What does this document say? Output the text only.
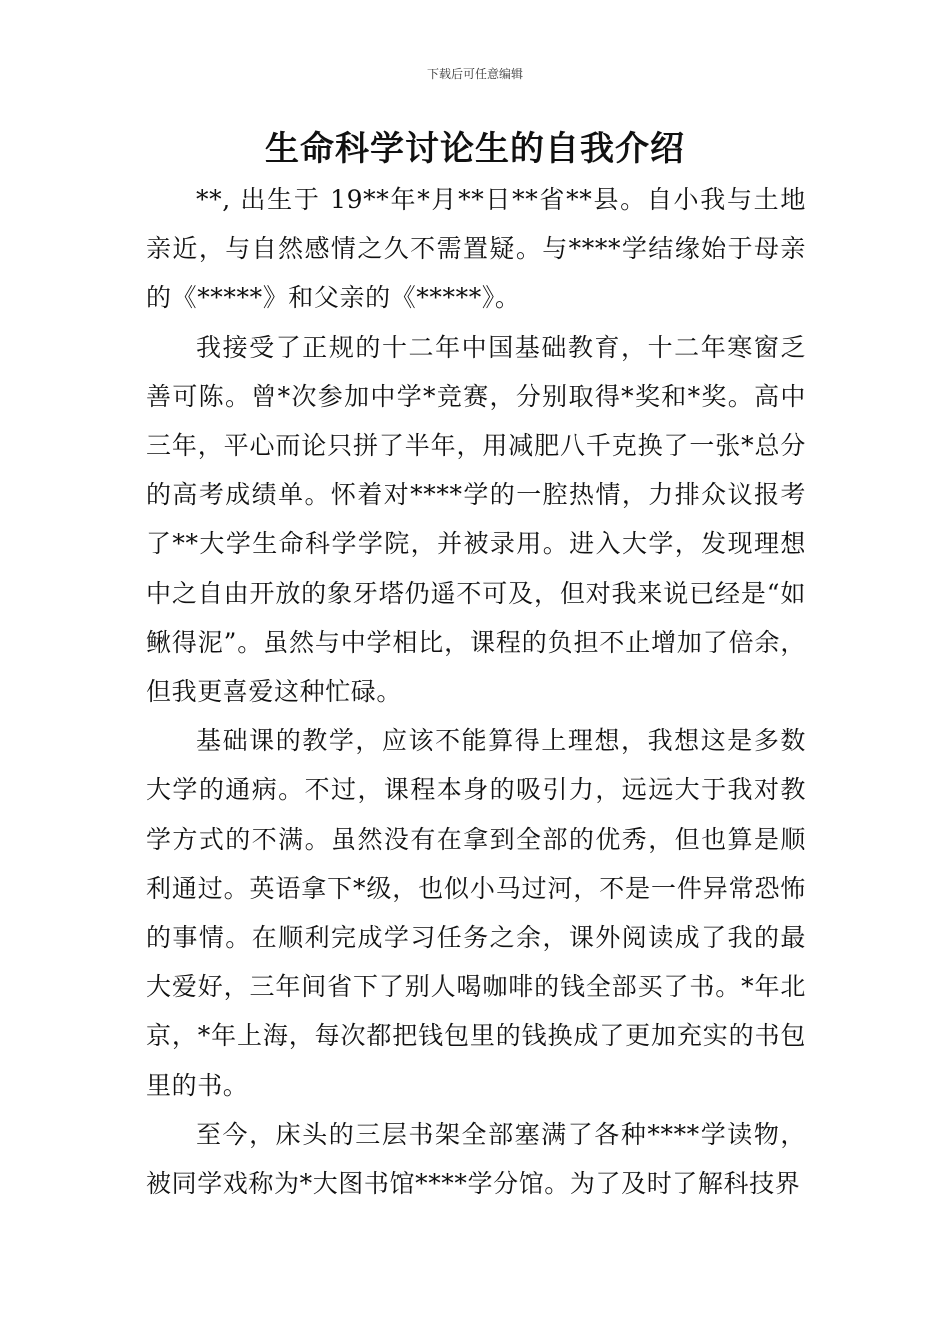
下载后可任意编辑
生命科学讨论生的自我介绍

**, 出生于 19**年*月**日**省**县。自小我与土地亲近，与自然感情之久不需置疑。与****学结缘始于母亲的《*****》和父亲的《*****》。

我接受了正规的十二年中国基础教育，十二年寒窗乏善可陈。曾*次参加中学*竞赛，分别取得*奖和*奖。高中三年，平心而论只拼了半年，用减肥八千克换了一张*总分的高考成绩单。怀着对****学的一腔热情，力排众议报考了**大学生命科学学院，并被录用。进入大学，发现理想中之自由开放的象牙塔仍遥不可及，但对我来说已经是“如鳅得泥”。虽然与中学相比，课程的负担不止增加了倍余，但我更喜爱这种忙碌。

基础课的教学，应该不能算得上理想，我想这是多数大学的通病。不过，课程本身的吸引力，远远大于我对教学方式的不满。虽然没有在拿到全部的优秀，但也算是顺利通过。英语拿下*级，也似小马过河，不是一件异常恐怖的事情。在顺利完成学习任务之余，课外阅读成了我的最大爱好，三年间省下了别人喝咖啡的钱全部买了书。*年北京，*年上海，每次都把钱包里的钱换成了更加充实的书包里的书。

至今，床头的三层书架全部塞满了各种****学读物，被同学戏称为*大图书馆****学分馆。为了及时了解科技界
